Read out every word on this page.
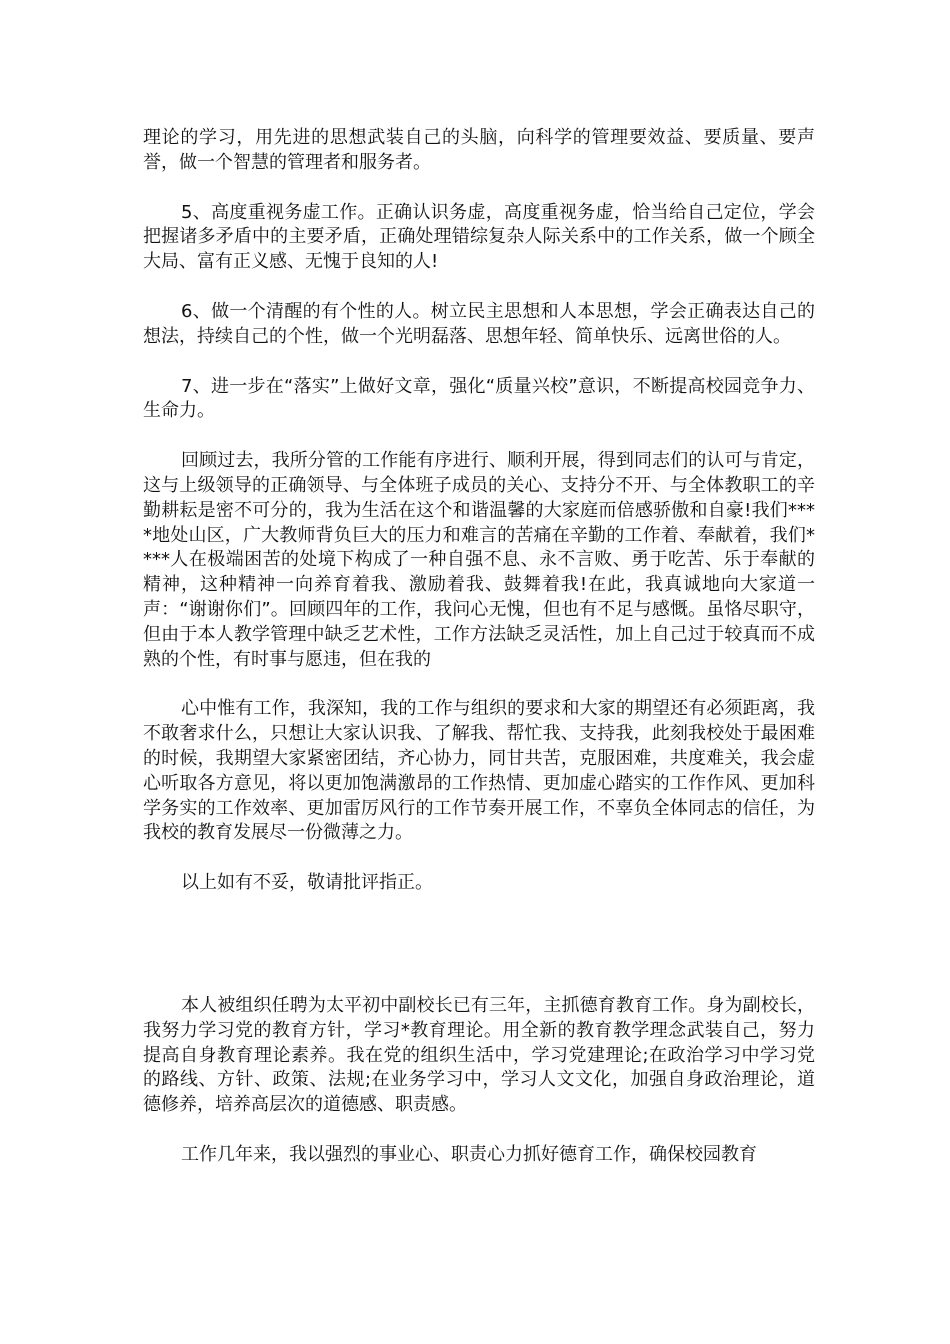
理论的学习，用先进的思想武装自己的头脑，向科学的管理要效益、要质量、要声誉，做一个智慧的管理者和服务者。

5、高度重视务虚工作。正确认识务虚，高度重视务虚，恰当给自己定位，学会把握诸多矛盾中的主要矛盾，正确处理错综复杂人际关系中的工作关系，做一个顾全大局、富有正义感、无愧于良知的人!

6、做一个清醒的有个性的人。树立民主思想和人本思想，学会正确表达自己的想法，持续自己的个性，做一个光明磊落、思想年轻、简单快乐、远离世俗的人。

7、进一步在“落实”上做好文章，强化“质量兴校”意识，不断提高校园竞争力、生命力。

回顾过去，我所分管的工作能有序进行、顺利开展，得到同志们的认可与肯定，这与上级领导的正确领导、与全体班子成员的关心、支持分不开、与全体教职工的辛勤耕耘是密不可分的，我为生活在这个和谐温馨的大家庭而倍感骄傲和自豪!我们****地处山区，广大教师背负巨大的压力和难言的苦痛在辛勤的工作着、奉献着，我们****人在极端困苦的处境下构成了一种自强不息、永不言败、勇于吃苦、乐于奉献的精神，这种精神一向养育着我、激励着我、鼓舞着我!在此，我真诚地向大家道一声：“谢谢你们”。回顾四年的工作，我问心无愧，但也有不足与感慨。虽恪尽职守，但由于本人教学管理中缺乏艺术性，工作方法缺乏灵活性，加上自己过于较真而不成熟的个性，有时事与愿违，但在我的

心中惟有工作，我深知，我的工作与组织的要求和大家的期望还有必须距离，我不敢奢求什么，只想让大家认识我、了解我、帮忙我、支持我，此刻我校处于最困难的时候，我期望大家紧密团结，齐心协力，同甘共苦，克服困难，共度难关，我会虚心听取各方意见，将以更加饱满激昂的工作热情、更加虚心踏实的工作作风、更加科学务实的工作效率、更加雷厉风行的工作节奏开展工作，不辜负全体同志的信任，为我校的教育发展尽一份微薄之力。

以上如有不妥，敬请批评指正。

本人被组织任聘为太平初中副校长已有三年，主抓德育教育工作。身为副校长，我努力学习党的教育方针，学习*教育理论。用全新的教育教学理念武装自己，努力提高自身教育理论素养。我在党的组织生活中，学习党建理论;在政治学习中学习党的路线、方针、政策、法规;在业务学习中，学习人文文化，加强自身政治理论，道德修养，培养高层次的道德感、职责感。

工作几年来，我以强烈的事业心、职责心力抓好德育工作，确保校园教育
